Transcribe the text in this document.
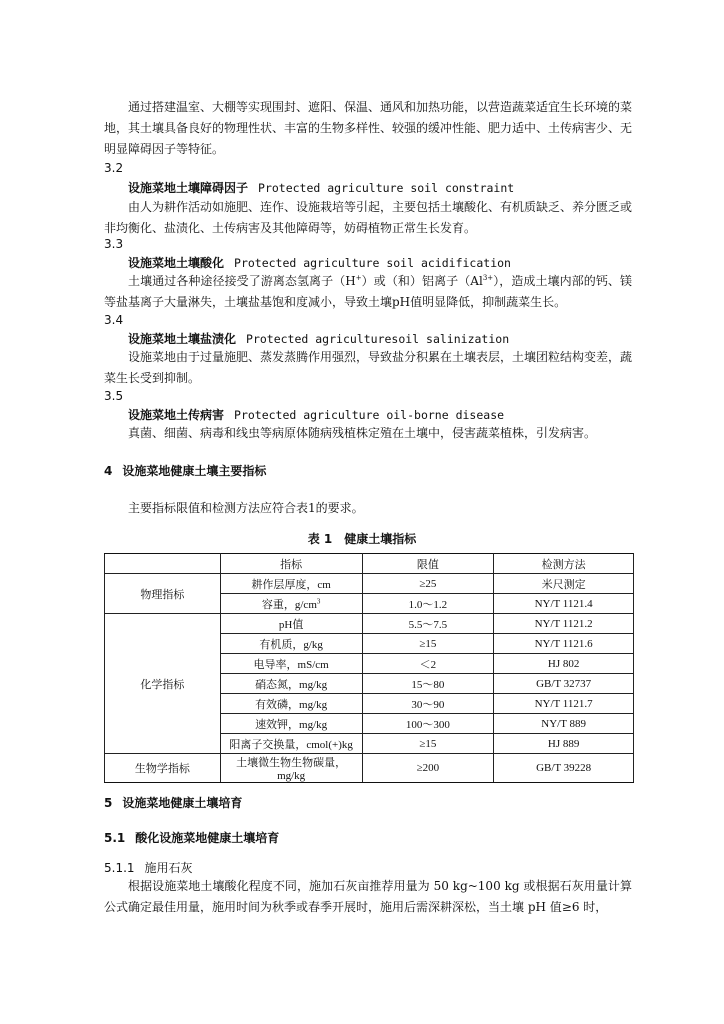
通过搭建温室、大棚等实现围封、遮阳、保温、通风和加热功能，以营造蔬菜适宜生长环境的菜地，其土壤具备良好的物理性状、丰富的生物多样性、较强的缓冲性能、肥力适中、土传病害少、无明显障碍因子等特征。

3.2
设施菜地土壤障碍因子 Protected agriculture soil constraint

由人为耕作活动如施肥、连作、设施栽培等引起，主要包括土壤酸化、有机质缺乏、养分匮乏或非均衡化、盐渍化、土传病害及其他障碍等，妨碍植物正常生长发育。

3.3
设施菜地土壤酸化 Protected agriculture soil acidification

土壤通过各种途径接受了游离态氢离子（H+）或（和）铝离子$(Al^{3+})$，造成土壤内部的钙、镁等盐基离子大量淋失，土壤盐基饱和度减小，导致土壤pH值明显降低，抑制蔬菜生长。

3.4
设施菜地土壤盐渍化 Protected agriculturesoil salinization

设施菜地由于过量施肥、蒸发蒸腾作用强烈，导致盐分积累在土壤表层，土壤团粒结构变差，蔬菜生长受到抑制。

3.5
设施菜地土传病害 Protected agriculture oil-borne disease

真菌、细菌、病毒和线虫等病原体随病残植株定殖在土壤中，侵害蔬菜植株，引发病害。

4 设施菜地健康土壤主要指标

主要指标限值和检测方法应符合表1的要求。

表 1　健康土壤指标
	指标	限值	检测方法
物理指标	耕作层厚度，cm	≥25	米尺测定
	容重，$g/cm^3$	1.0～1.2	NY/T 1121.4
化学指标	pH值	5.5～7.5	NY/T 1121.2
	有机质，g/kg	≥15	NY/T 1121.6
	电导率，mS/cm	＜2	HJ 802
	硝态氮，mg/kg	15～80	GB/T 32737
	有效磷，mg/kg	30～90	NY/T 1121.7
	速效钾，mg/kg	100～300	NY/T 889
	阳离子交换量，cmol(+)kg	≥15	HJ 889
生物学指标	土壤微生物生物碳量，mg/kg	≥200	GB/T 39228
5 设施菜地健康土壤培育
5.1 酸化设施菜地健康土壤培育
5.1.1 施用石灰

根据设施菜地土壤酸化程度不同，施加石灰亩推荐用量为 50 kg~100 kg 或根据石灰用量计算公式确定最佳用量，施用时间为秋季或春季开展时，施用后需深耕深松，当土壤 pH 值≥6 时，
